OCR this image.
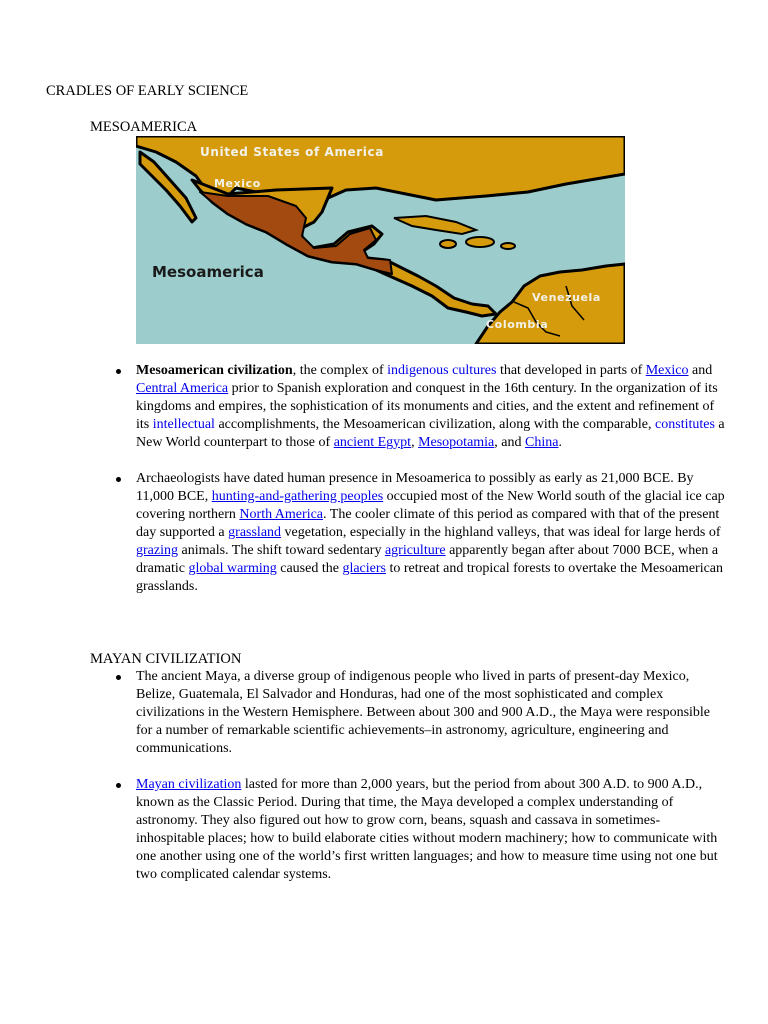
CRADLES OF EARLY SCIENCE
MESOAMERICA
United States of America
Mexico
Mesoamerica
Venezuela
Colombia
Mesoamerican civilization, the complex of indigenous cultures that developed in parts of Mexico and Central America prior to Spanish exploration and conquest in the 16th century. In the organization of its kingdoms and empires, the sophistication of its monuments and cities, and the extent and refinement of its intellectual accomplishments, the Mesoamerican civilization, along with the comparable, constitutes a New World counterpart to those of ancient Egypt, Mesopotamia, and China.
Archaeologists have dated human presence in Mesoamerica to possibly as early as 21,000 BCE. By 11,000 BCE, hunting-and-gathering peoples occupied most of the New World south of the glacial ice cap covering northern North America. The cooler climate of this period as compared with that of the present day supported a grassland vegetation, especially in the highland valleys, that was ideal for large herds of grazing animals. The shift toward sedentary agriculture apparently began after about 7000 BCE, when a dramatic global warming caused the glaciers to retreat and tropical forests to overtake the Mesoamerican grasslands.
MAYAN CIVILIZATION
The ancient Maya, a diverse group of indigenous people who lived in parts of present-day Mexico, Belize, Guatemala, El Salvador and Honduras, had one of the most sophisticated and complex civilizations in the Western Hemisphere. Between about 300 and 900 A.D., the Maya were responsible for a number of remarkable scientific achievements–in astronomy, agriculture, engineering and communications.
Mayan civilization lasted for more than 2,000 years, but the period from about 300 A.D. to 900 A.D., known as the Classic Period. During that time, the Maya developed a complex understanding of astronomy. They also figured out how to grow corn, beans, squash and cassava in sometimes-inhospitable places; how to build elaborate cities without modern machinery; how to communicate with one another using one of the world’s first written languages; and how to measure time using not one but two complicated calendar systems.
